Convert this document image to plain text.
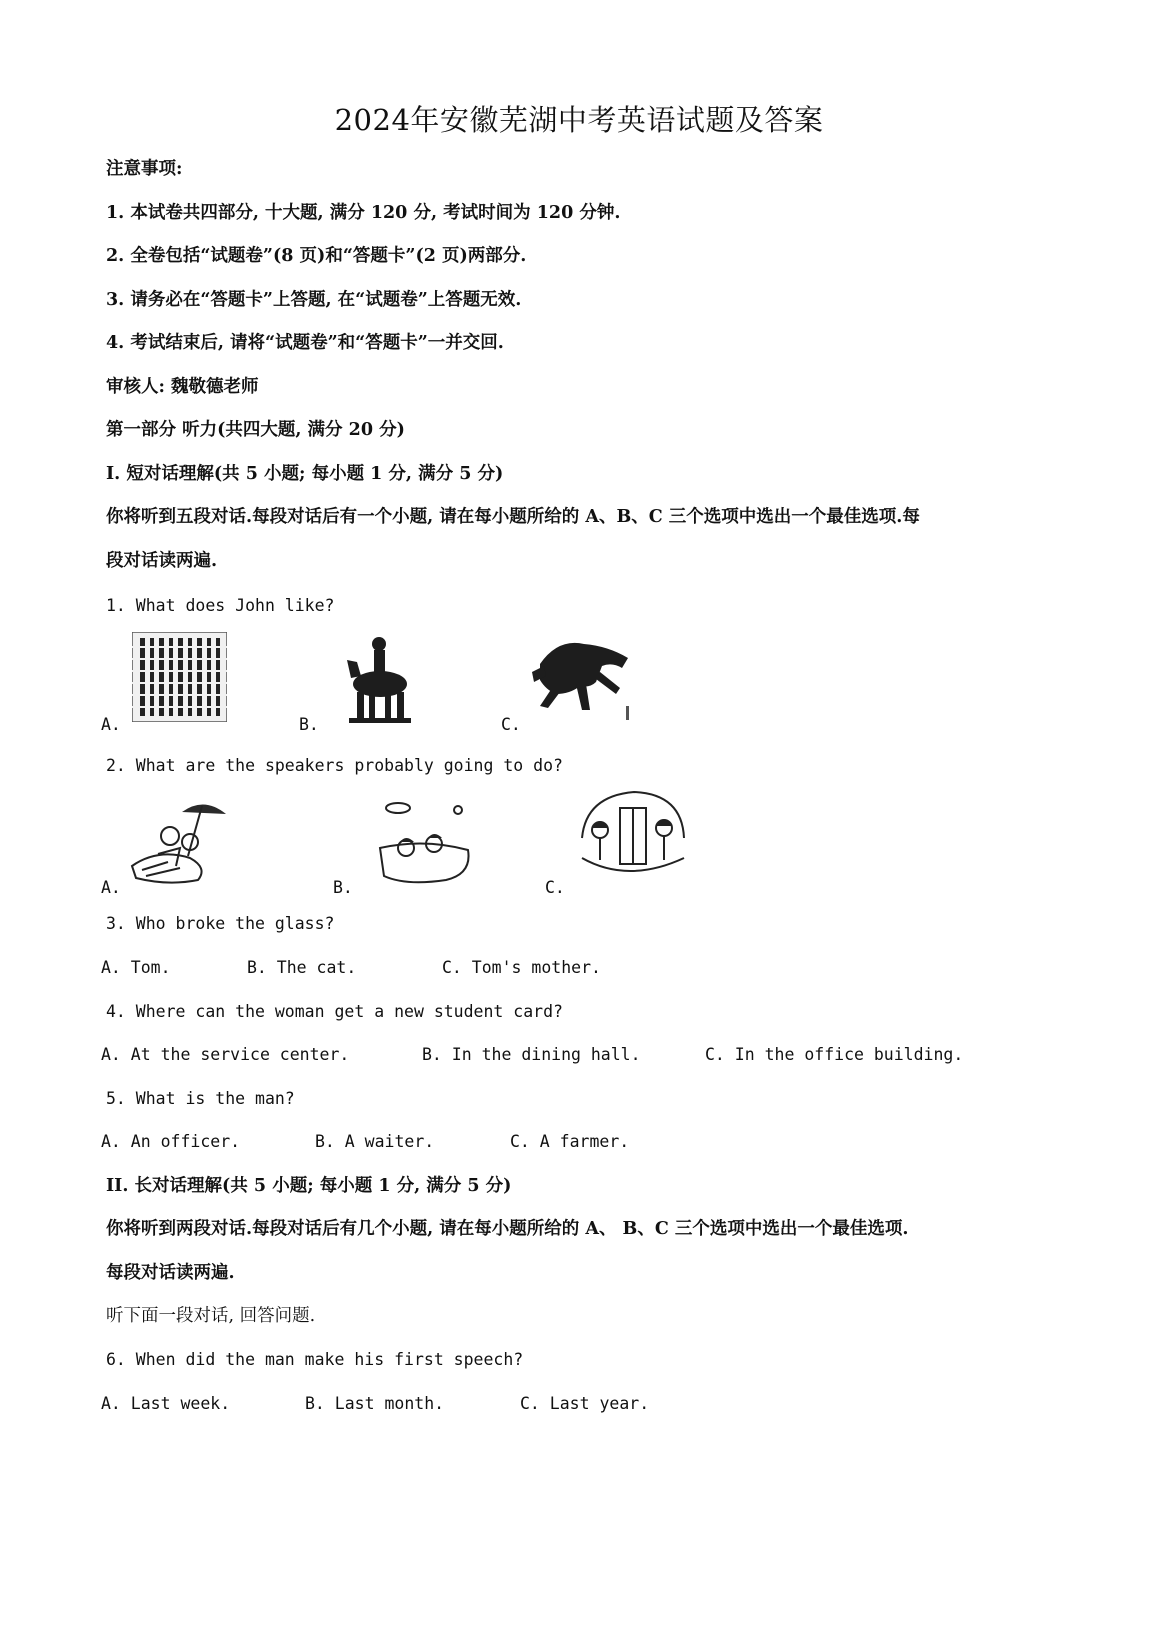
2024年安徽芜湖中考英语试题及答案
注意事项:
1. 本试卷共四部分, 十大题, 满分 120 分, 考试时间为 120 分钟.
2. 全卷包括“试题卷”(8 页)和“答题卡”(2 页)两部分.
3. 请务必在“答题卡”上答题, 在“试题卷”上答题无效.
4. 考试结束后, 请将“试题卷”和“答题卡”一并交回.
审核人: 魏敬德老师
第一部分 听力(共四大题, 满分 20 分)
I. 短对话理解(共 5 小题; 每小题 1 分, 满分 5 分)
你将听到五段对话.每段对话后有一个小题, 请在每小题所给的 A、B、C 三个选项中选出一个最佳选项.每
段对话读两遍.
1. What does John like?
A.	B.	C.
2. What are the speakers probably going to do?
A.	B.	C.
3. Who broke the glass?
A. Tom.	B. The cat.	C. Tom's mother.
4. Where can the woman get a new student card?
A. At the service center.	B. In the dining hall.	C. In the office building.
5. What is the man?
A. An officer.	B. A waiter.	C. A farmer.
II. 长对话理解(共 5 小题; 每小题 1 分, 满分 5 分)
你将听到两段对话.每段对话后有几个小题, 请在每小题所给的 A、 B、C 三个选项中选出一个最佳选项.
每段对话读两遍.
听下面一段对话, 回答问题.
6. When did the man make his first speech?
A. Last week.	B. Last month.	C. Last year.
